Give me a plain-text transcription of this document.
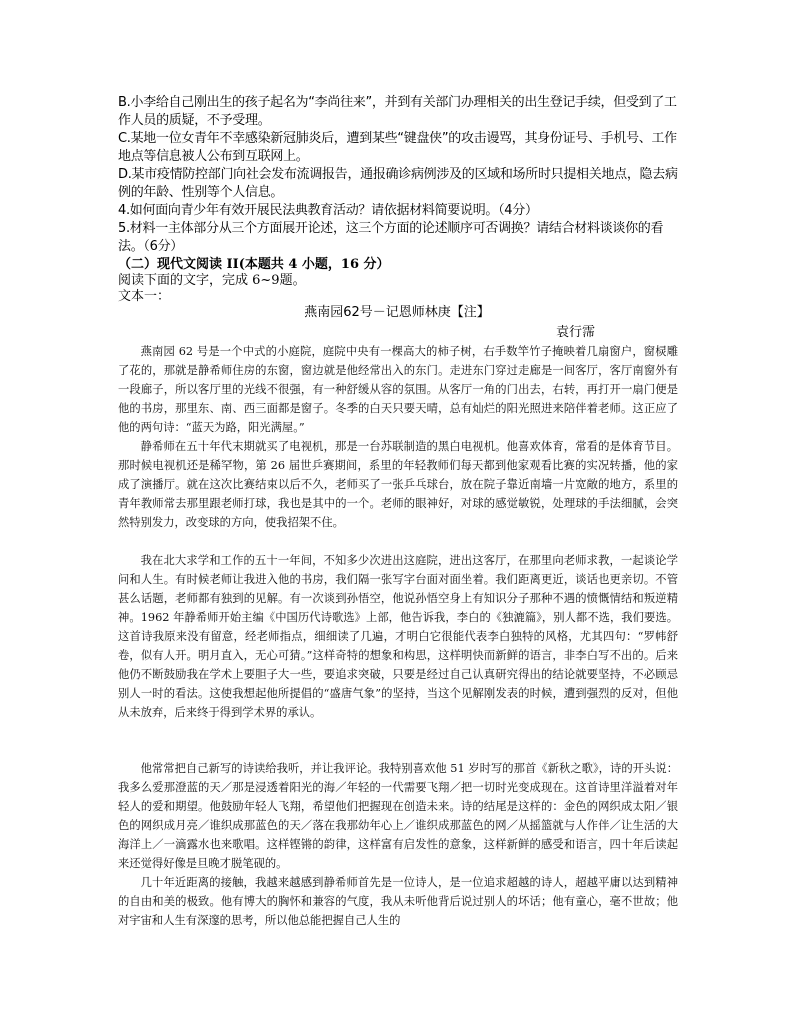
B.小李给自己刚出生的孩子起名为“李尚往来”，并到有关部门办理相关的出生登记手续，但受到了工作人员的质疑，不予受理。
C.某地一位女青年不幸感染新冠肺炎后，遭到某些“键盘侠”的攻击谩骂，其身份证号、手机号、工作地点等信息被人公布到互联网上。
D.某市疫情防控部门向社会发布流调报告，通报确诊病例涉及的区域和场所时只提相关地点，隐去病例的年龄、性别等个人信息。
4.如何面向青少年有效开展民法典教育活动？请依据材料简要说明。（4分）
5.材料一主体部分从三个方面展开论述，这三个方面的论述顺序可否调换？请结合材料谈谈你的看法。（6分）
（二）现代文阅读 II(本题共 4 小题，16 分）
阅读下面的文字，完成 6~9题。
文本一：
燕南园62号－记恩师林庚【注】
袁行霈

燕南园 62 号是一个中式的小庭院，庭院中央有一棵高大的柿子树，右手数竿竹子掩映着几扇窗户，窗棂雕了花的，那就是静希师住房的东窗，窗边就是他经常出入的东门。走进东门穿过走廊是一间客厅，客厅南窗外有一段廊子，所以客厅里的光线不很强，有一种舒缓从容的氛围。从客厅一角的门出去，右转，再打开一扇门便是他的书房，那里东、南、西三面都是窗子。冬季的白天只要天晴，总有灿烂的阳光照进来陪伴着老师。这正应了他的两句诗：“蓝天为路，阳光满屋。”

静希师在五十年代末期就买了电视机，那是一台苏联制造的黑白电视机。他喜欢体育，常看的是体育节目。那时候电视机还是稀罕物，第 26 届世乒赛期间，系里的年轻教师们每天都到他家观看比赛的实况转播，他的家成了演播厅。就在这次比赛结束以后不久，老师买了一张乒乓球台，放在院子靠近南墙一片宽敞的地方，系里的青年教师常去那里跟老师打球，我也是其中的一个。老师的眼神好，对球的感觉敏锐，处理球的手法细腻，会突然特别发力，改变球的方向，使我招架不住。

我在北大求学和工作的五十一年间，不知多少次进出这庭院，进出这客厅，在那里向老师求教，一起谈论学问和人生。有时候老师让我进入他的书房，我们隔一张写字台面对面坐着。我们距离更近，谈话也更亲切。不管甚么话题，老师都有独到的见解。有一次谈到孙悟空，他说孙悟空身上有知识分子那种不遇的愤慨情结和叛逆精神。1962 年静希师开始主编《中国历代诗歌选》上部，他告诉我，李白的《独漉篇》，别人都不选，我们要选。这首诗我原来没有留意，经老师指点，细细读了几遍，才明白它很能代表李白独特的风格，尤其四句：“罗帏舒卷，似有人开。明月直入，无心可猜。”这样奇特的想象和构思，这样明快而新鲜的语言，非李白写不出的。后来他仍不断鼓励我在学术上要胆子大一些，要追求突破，只要是经过自己认真研究得出的结论就要坚持，不必顾忌别人一时的看法。这使我想起他所提倡的“盛唐气象”的坚持，当这个见解刚发表的时候，遭到强烈的反对，但他从未放弃，后来终于得到学术界的承认。

他常常把自己新写的诗读给我听，并让我评论。我特别喜欢他 51 岁时写的那首《新秋之歌》，诗的开头说：我多么爱那澄蓝的天／那是浸透着阳光的海／年轻的一代需要飞翔／把一切时光变成现在。这首诗里洋溢着对年轻人的爱和期望。他鼓励年轻人飞翔，希望他们把握现在创造未来。诗的结尾是这样的：金色的网织成太阳／银色的网织成月亮／谁织成那蓝色的天／落在我那幼年心上／谁织成那蓝色的网／从摇篮就与人作伴／让生活的大海洋上／一滴露水也来歌唱。这样铿锵的韵律，这样富有启发性的意象，这样新鲜的感受和语言，四十年后读起来还觉得好像是旦晚才脱笔砚的。

几十年近距离的接触，我越来越感到静希师首先是一位诗人，是一位追求超越的诗人，超越平庸以达到精神的自由和美的极致。他有博大的胸怀和兼容的气度，我从未听他背后说过别人的坏话；他有童心，毫不世故；他对宇宙和人生有深邃的思考，所以他总能把握自己人生的
